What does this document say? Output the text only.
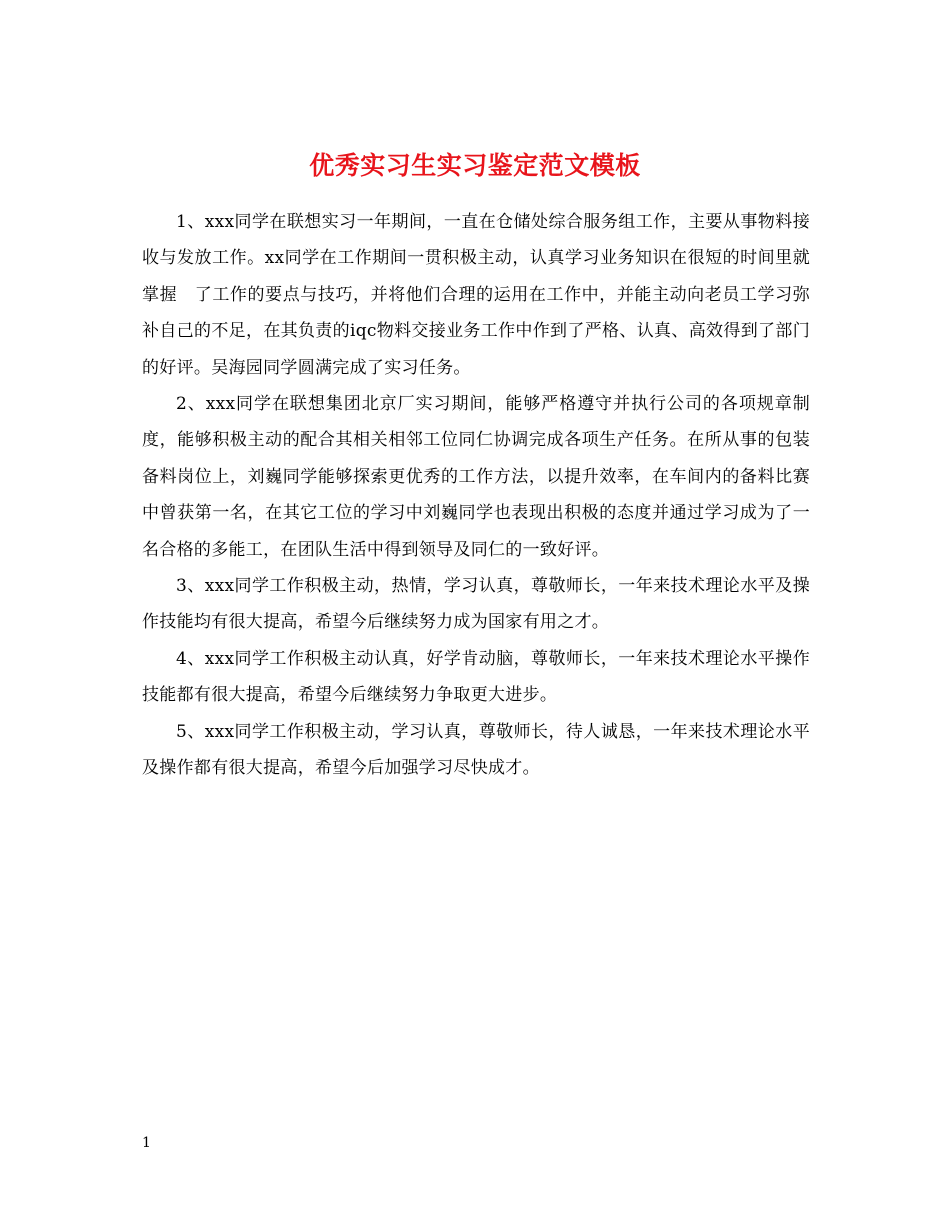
优秀实习生实习鉴定范文模板

1、xxx同学在联想实习一年期间，一直在仓储处综合服务组工作，主要从事物料接收与发放工作。xx同学在工作期间一贯积极主动，认真学习业务知识在很短的时间里就掌握　了工作的要点与技巧，并将他们合理的运用在工作中，并能主动向老员工学习弥补自己的不足，在其负责的iqc物料交接业务工作中作到了严格、认真、高效得到了部门的好评。吴海园同学圆满完成了实习任务。

2、xxx同学在联想集团北京厂实习期间，能够严格遵守并执行公司的各项规章制度，能够积极主动的配合其相关相邻工位同仁协调完成各项生产任务。在所从事的包装备料岗位上，刘巍同学能够探索更优秀的工作方法，以提升效率，在车间内的备料比赛中曾获第一名，在其它工位的学习中刘巍同学也表现出积极的态度并通过学习成为了一名合格的多能工，在团队生活中得到领导及同仁的一致好评。

3、xxx同学工作积极主动，热情，学习认真，尊敬师长，一年来技术理论水平及操作技能均有很大提高，希望今后继续努力成为国家有用之才。

4、xxx同学工作积极主动认真，好学肯动脑，尊敬师长，一年来技术理论水平操作技能都有很大提高，希望今后继续努力争取更大进步。

5、xxx同学工作积极主动，学习认真，尊敬师长，待人诚恳，一年来技术理论水平及操作都有很大提高，希望今后加强学习尽快成才。

1
